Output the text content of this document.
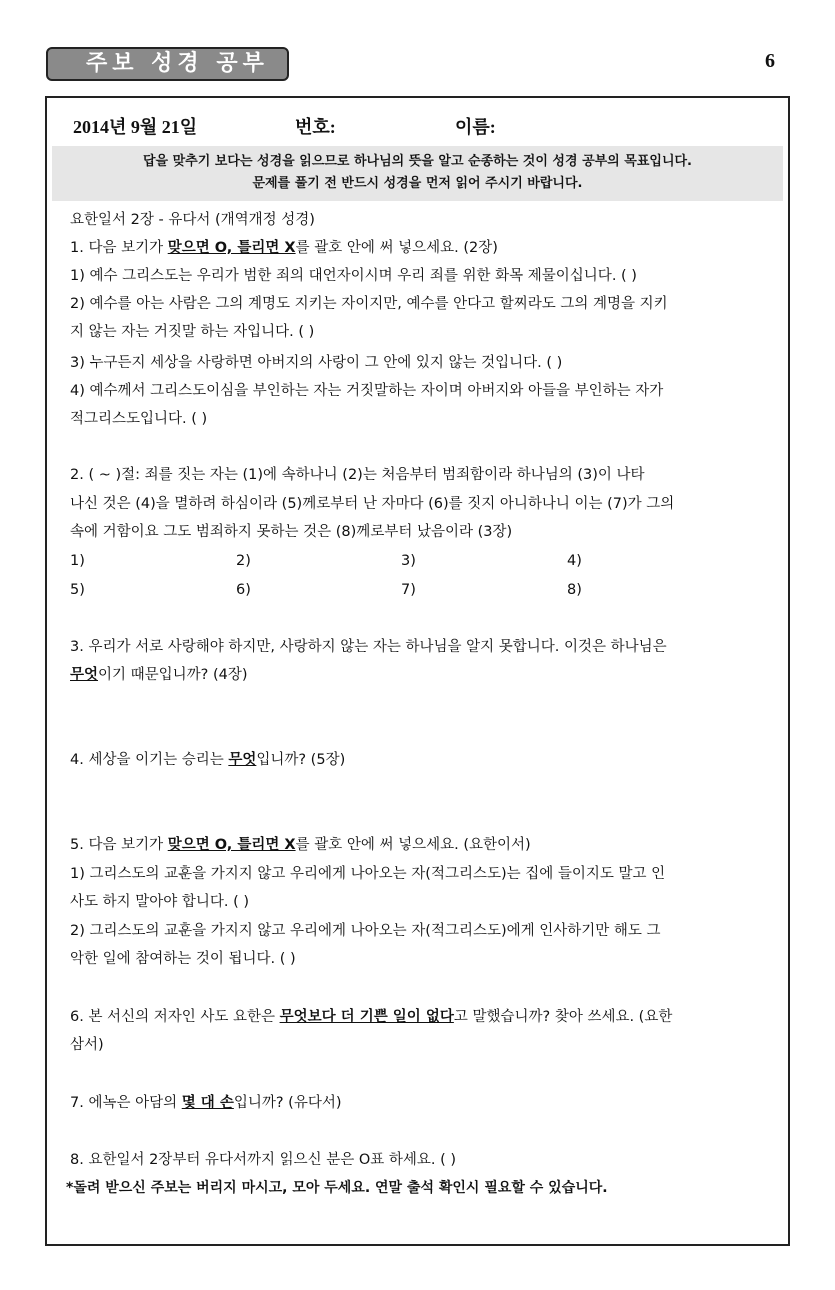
주보 성경 공부	6
2014년 9월 21일	번호:	이름:
답을 맞추기 보다는 성경을 읽으므로 하나님의 뜻을 알고 순종하는 것이 성경 공부의 목표입니다.
문제를 풀기 전 반드시 성경을 먼저 읽어 주시기 바랍니다.
요한일서 2장 - 유다서 (개역개정 성경)
1. 다음 보기가 맞으면 O, 틀리면 X를 괄호 안에 써 넣으세요. (2장)
1) 예수 그리스도는 우리가 범한 죄의 대언자이시며 우리 죄를 위한 화목 제물이십니다. ( )
2) 예수를 아는 사람은 그의 계명도 지키는 자이지만, 예수를 안다고 할찌라도 그의 계명을 지키
지 않는 자는 거짓말 하는 자입니다. ( )
3) 누구든지 세상을 사랑하면 아버지의 사랑이 그 안에 있지 않는 것입니다. ( )
4) 예수께서 그리스도이심을 부인하는 자는 거짓말하는 자이며 아버지와 아들을 부인하는 자가
적그리스도입니다. ( )
2. ( ~ )절: 죄를 짓는 자는 (1)에 속하나니 (2)는 처음부터 범죄함이라 하나님의 (3)이 나타
나신 것은 (4)을 멸하려 하심이라 (5)께로부터 난 자마다 (6)를 짓지 아니하나니 이는 (7)가 그의
속에 거함이요 그도 범죄하지 못하는 것은 (8)께로부터 났음이라 (3장)
1)	2)	3)	4)
5)	6)	7)	8)
3. 우리가 서로 사랑해야 하지만, 사랑하지 않는 자는 하나님을 알지 못합니다. 이것은 하나님은
무엇이기 때문입니까? (4장)
4. 세상을 이기는 승리는 무엇입니까? (5장)
5. 다음 보기가 맞으면 O, 틀리면 X를 괄호 안에 써 넣으세요. (요한이서)
1) 그리스도의 교훈을 가지지 않고 우리에게 나아오는 자(적그리스도)는 집에 들이지도 말고 인
사도 하지 말아야 합니다. ( )
2) 그리스도의 교훈을 가지지 않고 우리에게 나아오는 자(적그리스도)에게 인사하기만 해도 그
악한 일에 참여하는 것이 됩니다. ( )
6. 본 서신의 저자인 사도 요한은 무엇보다 더 기쁜 일이 없다고 말했습니까? 찾아 쓰세요. (요한
삼서)
7. 에녹은 아담의 몇 대 손입니까? (유다서)
8. 요한일서 2장부터 유다서까지 읽으신 분은 O표 하세요. ( )
*돌려 받으신 주보는 버리지 마시고, 모아 두세요. 연말 출석 확인시 필요할 수 있습니다.
